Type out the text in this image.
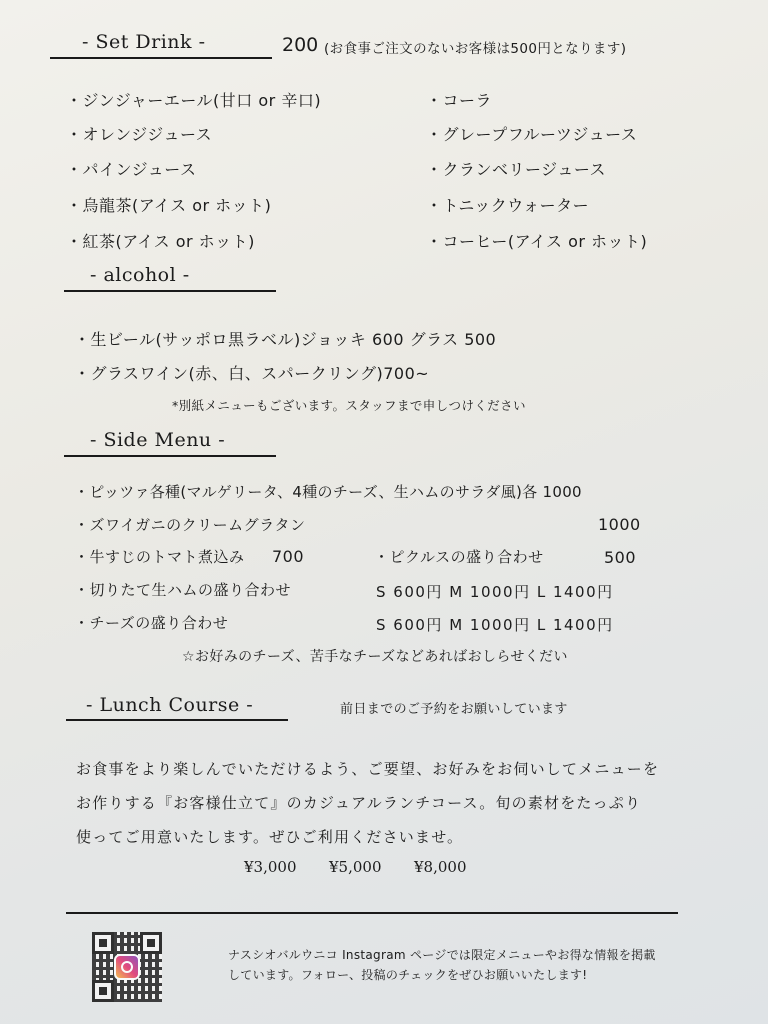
- Set Drink -	200 (お食事ご注文のないお客様は500円となります)
・ジンジャーエール(甘口 or 辛口)
・オレンジジュース
・パインジュース
・烏龍茶(アイス or ホット)
・紅茶(アイス or ホット)
・コーラ
・グレープフルーツジュース
・クランベリージュース
・トニックウォーター
・コーヒー(アイス or ホット)
- alcohol -
・生ビール(サッポロ黒ラベル)ジョッキ 600 グラス 500
・グラスワイン(赤、白、スパークリング)700~
*別紙メニューもございます。スタッフまで申しつけください
- Side Menu -
・ピッツァ各種(マルゲリータ、4種のチーズ、生ハムのサラダ風)各 1000
・ズワイガニのクリームグラタン	1000
・牛すじのトマト煮込み 700	・ピクルスの盛り合わせ	500
・切りたて生ハムの盛り合わせ	S 600円 M 1000円 L 1400円
・チーズの盛り合わせ	S 600円 M 1000円 L 1400円
☆お好みのチーズ、苦手なチーズなどあればおしらせくだい
- Lunch Course -	前日までのご予約をお願いしています
お食事をより楽しんでいただけるよう、ご要望、お好みをお伺いしてメニューを
お作りする『お客様仕立て』のカジュアルランチコース。旬の素材をたっぷり
使ってご用意いたします。ぜひご利用くださいませ。
¥3,000 ¥5,000 ¥8,000
ナスシオバルウニコ Instagram ページでは限定メニューやお得な情報を掲載
しています。フォロー、投稿のチェックをぜひお願いいたします!
